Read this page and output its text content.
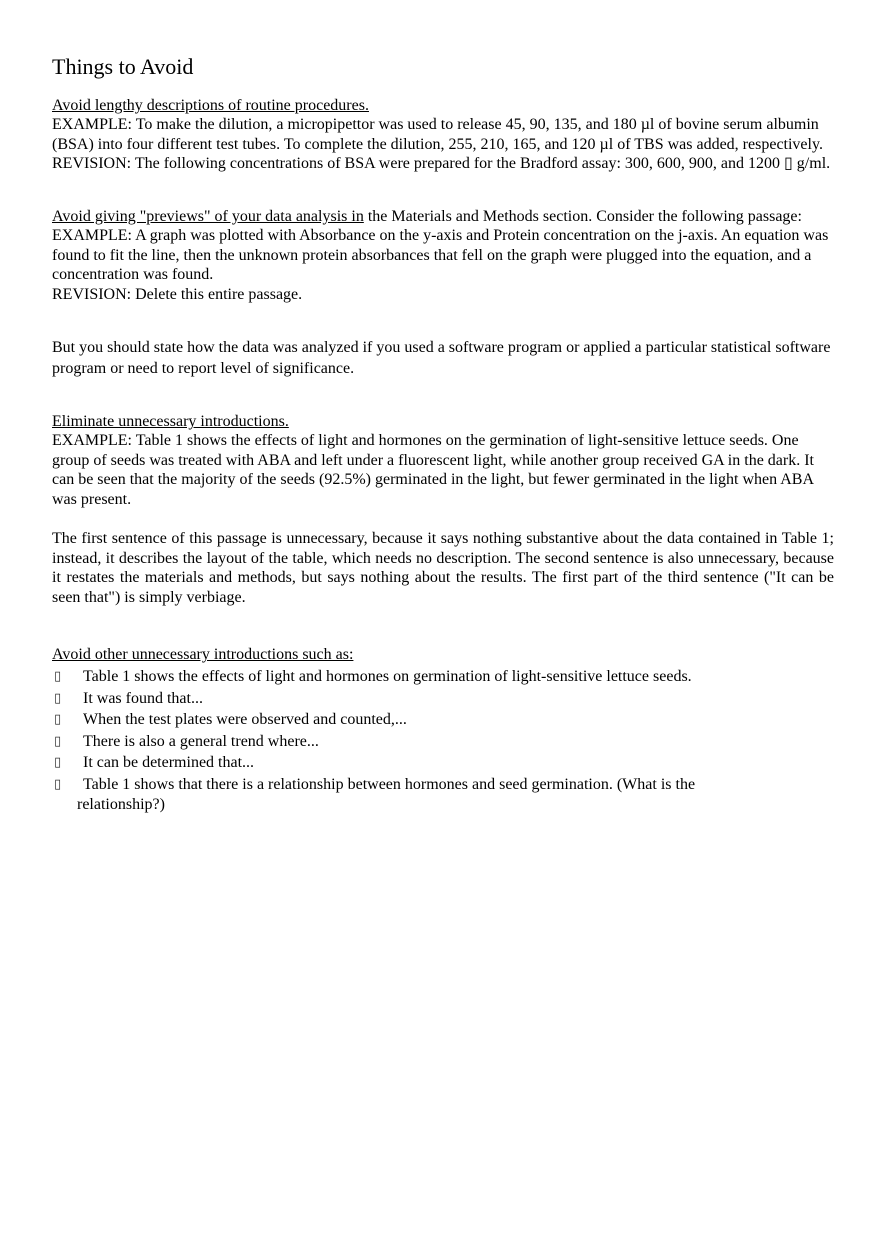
Things to Avoid
Avoid lengthy descriptions of routine procedures.

EXAMPLE: To make the dilution, a micropipettor was used to release 45, 90, 135, and 180 µl of bovine serum albumin (BSA) into four different test tubes. To complete the dilution, 255, 210, 165, and 120 µl of TBS was added, respectively.

REVISION: The following concentrations of BSA were prepared for the Bradford assay: 300, 600, 900, and 1200 ▯ g/ml.

Avoid giving "previews" of your data analysis in the Materials and Methods section. Consider the following passage:

EXAMPLE: A graph was plotted with Absorbance on the y-axis and Protein concentration on the j-axis. An equation was found to fit the line, then the unknown protein absorbances that fell on the graph were plugged into the equation, and a concentration was found.

REVISION: Delete this entire passage.

But you should state how the data was analyzed if you used a software program or applied a particular statistical software program or need to report level of significance.

Eliminate unnecessary introductions.

EXAMPLE: Table 1 shows the effects of light and hormones on the germination of light-sensitive lettuce seeds. One group of seeds was treated with ABA and left under a fluorescent light, while another group received GA in the dark. It can be seen that the majority of the seeds (92.5%) germinated in the light, but fewer germinated in the light when ABA was present.

The first sentence of this passage is unnecessary, because it says nothing substantive about the data contained in Table 1; instead, it describes the layout of the table, which needs no description. The second sentence is also unnecessary, because it restates the materials and methods, but says nothing about the results. The first part of the third sentence ("It can be seen that") is simply verbiage.

Avoid other unnecessary introductions such as:
▯ Table 1 shows the effects of light and hormones on germination of light-sensitive lettuce seeds.
▯ It was found that...
▯ When the test plates were observed and counted,...
▯ There is also a general trend where...
▯ It can be determined that...
▯ Table 1 shows that there is a relationship between hormones and seed germination. (What is the
relationship?)
